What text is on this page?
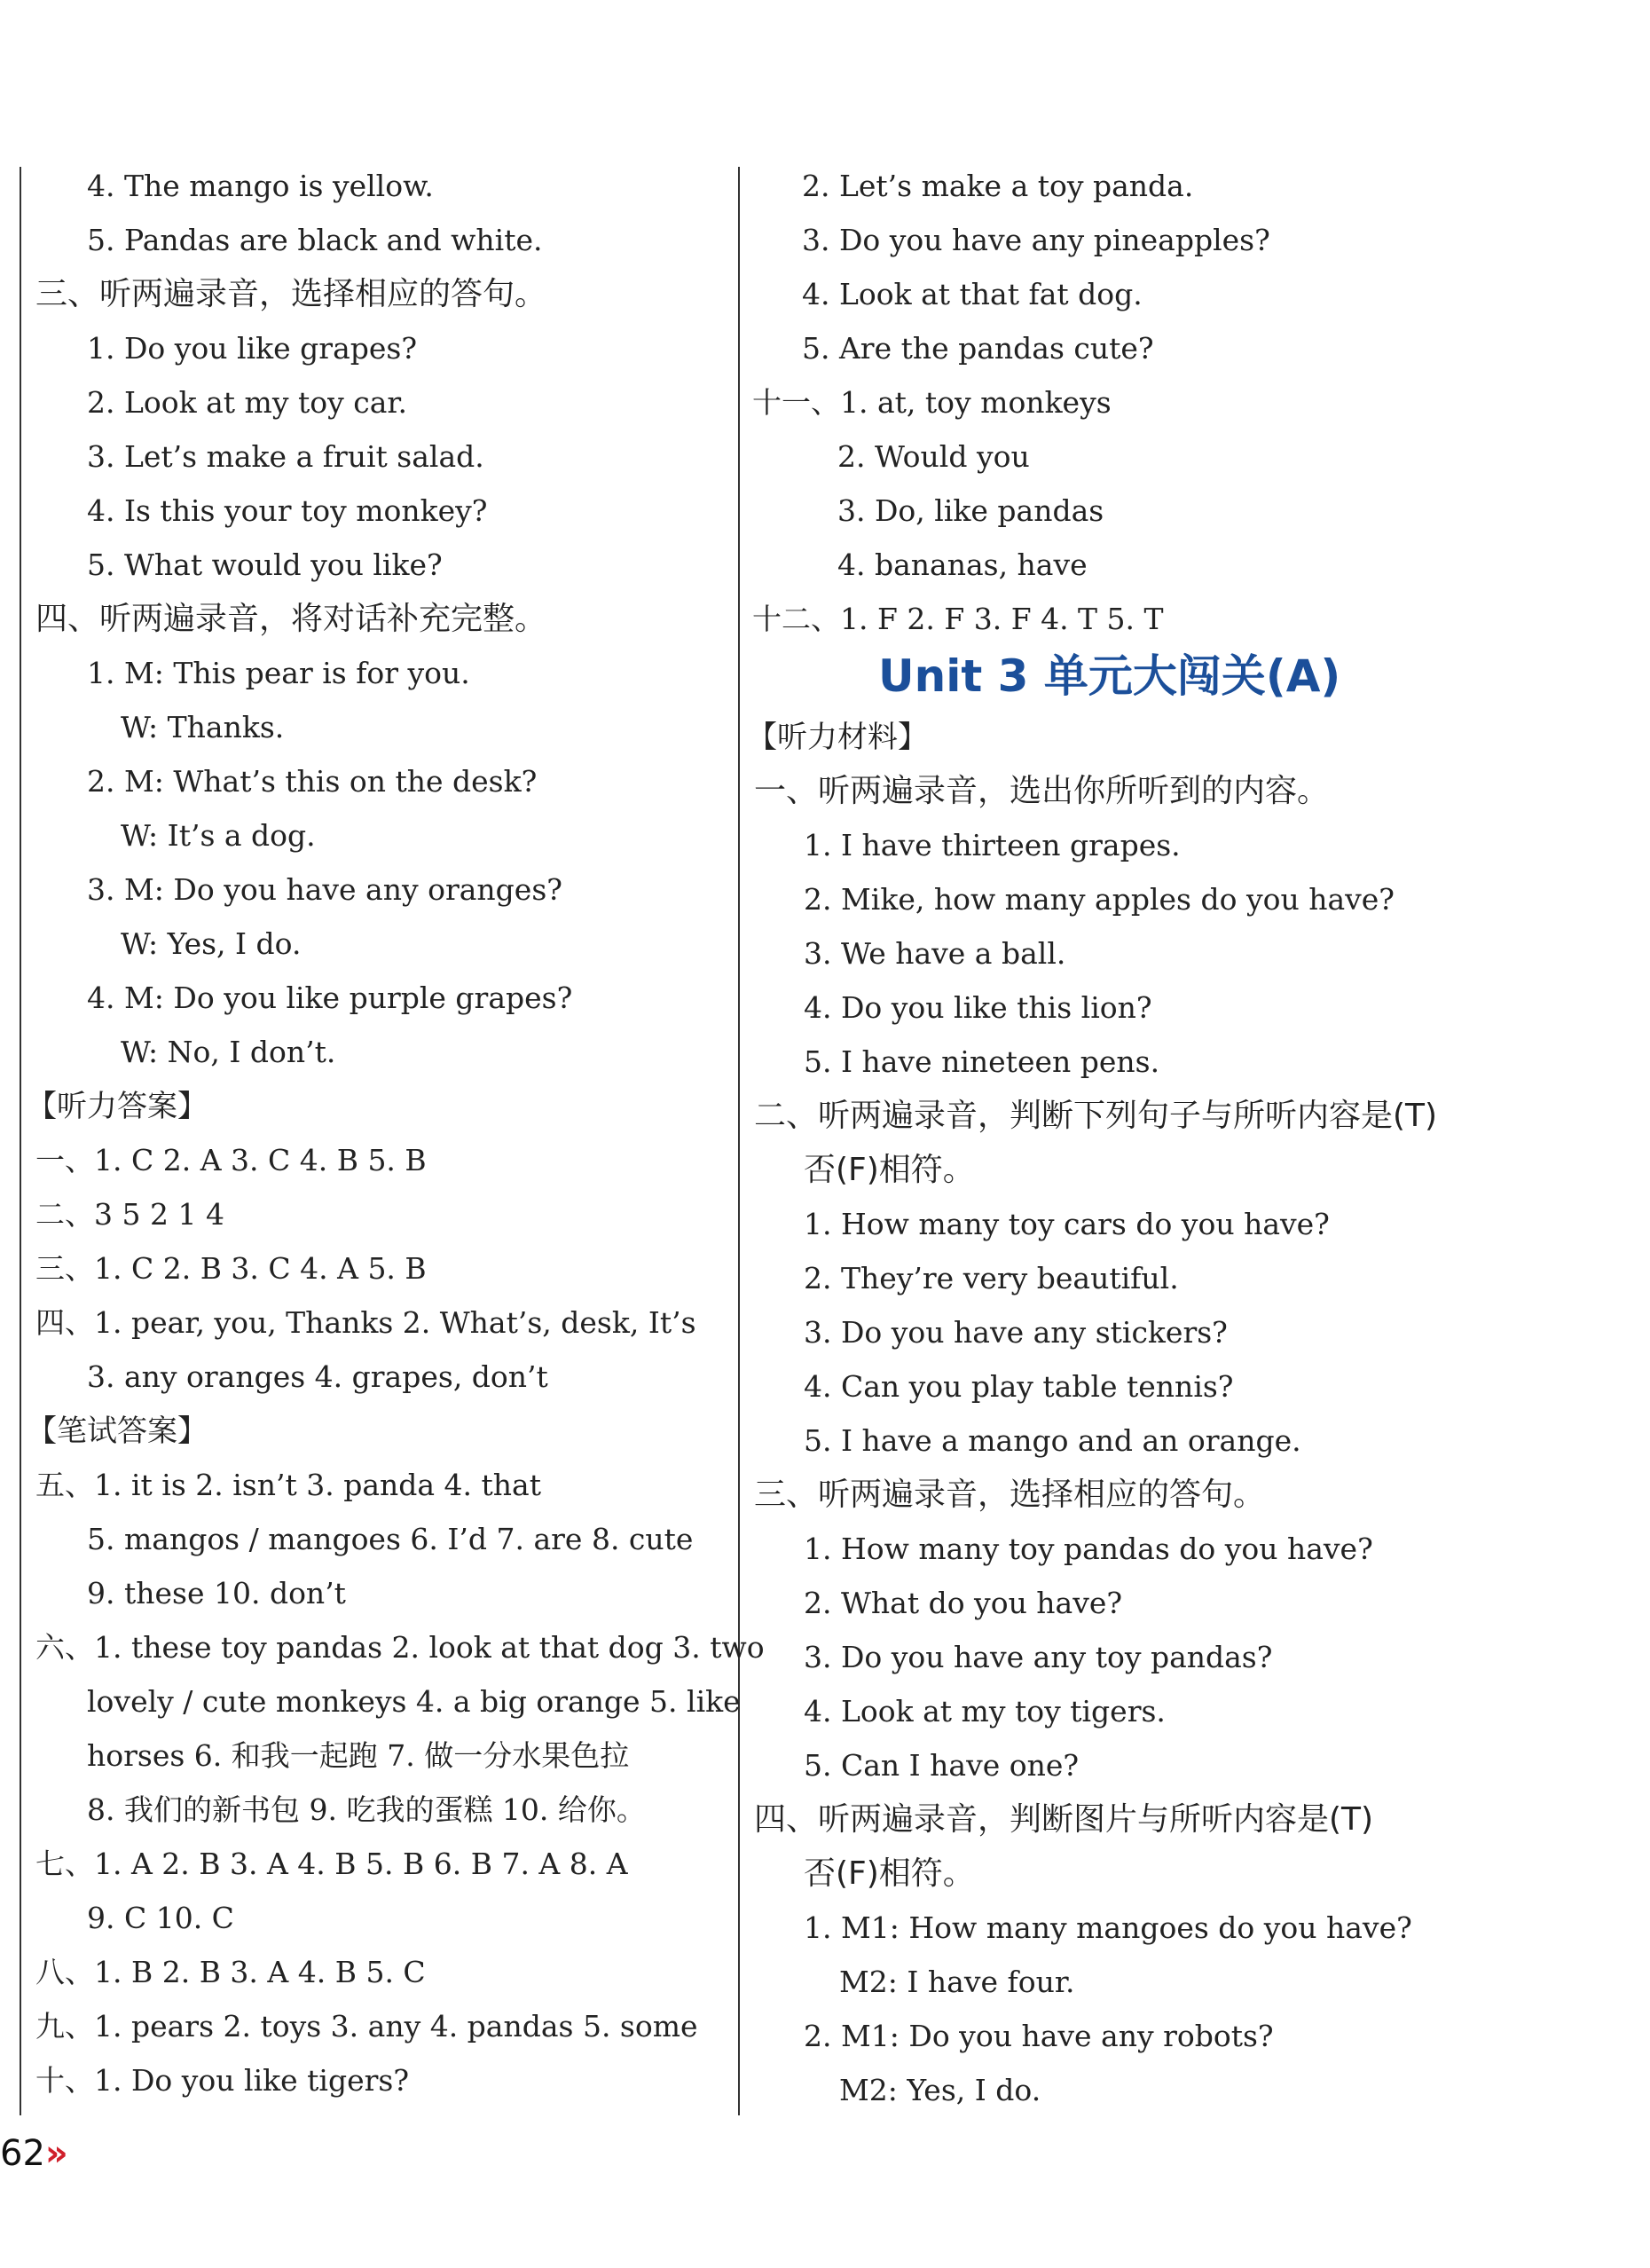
4. The mango is yellow.
5. Pandas are black and white.
三、听两遍录音，选择相应的答句。
1. Do you like grapes?
2. Look at my toy car.
3. Let’s make a fruit salad.
4. Is this your toy monkey?
5. What would you like?
四、听两遍录音，将对话补充完整。
1. M: This pear is for you.
W: Thanks.
2. M: What’s this on the desk?
W: It’s a dog.
3. M: Do you have any oranges?
W: Yes, I do.
4. M: Do you like purple grapes?
W: No, I don’t.
【听力答案】
一、1. C 2. A 3. C 4. B 5. B
二、3 5 2 1 4
三、1. C 2. B 3. C 4. A 5. B
四、1. pear, you, Thanks 2. What’s, desk, It’s
3. any oranges 4. grapes, don’t
【笔试答案】
五、1. it is 2. isn’t 3. panda 4. that
5. mangos / mangoes 6. I’d 7. are 8. cute
9. these 10. don’t
六、1. these toy pandas 2. look at that dog 3. two
lovely / cute monkeys 4. a big orange 5. like
horses 6. 和我一起跑 7. 做一分水果色拉
8. 我们的新书包 9. 吃我的蛋糕 10. 给你。
七、1. A 2. B 3. A 4. B 5. B 6. B 7. A 8. A
9. C 10. C
八、1. B 2. B 3. A 4. B 5. C
九、1. pears 2. toys 3. any 4. pandas 5. some
十、1. Do you like tigers?
2. Let’s make a toy panda.
3. Do you have any pineapples?
4. Look at that fat dog.
5. Are the pandas cute?
十一、1. at, toy monkeys
2. Would you
3. Do, like pandas
4. bananas, have
十二、1. F 2. F 3. F 4. T 5. T
【听力材料】
一、听两遍录音，选出你所听到的内容。
1. I have thirteen grapes.
2. Mike, how many apples do you have?
3. We have a ball.
4. Do you like this lion?
5. I have nineteen pens.
二、听两遍录音，判断下列句子与所听内容是(T)
否(F)相符。
1. How many toy cars do you have?
2. They’re very beautiful.
3. Do you have any stickers?
4. Can you play table tennis?
5. I have a mango and an orange.
三、听两遍录音，选择相应的答句。
1. How many toy pandas do you have?
2. What do you have?
3. Do you have any toy pandas?
4. Look at my toy tigers.
5. Can I have one?
四、听两遍录音，判断图片与所听内容是(T)
否(F)相符。
1. M1: How many mangoes do you have?
M2: I have four.
2. M1: Do you have any robots?
M2: Yes, I do.
Unit 3 单元大闯关(A)
62»
